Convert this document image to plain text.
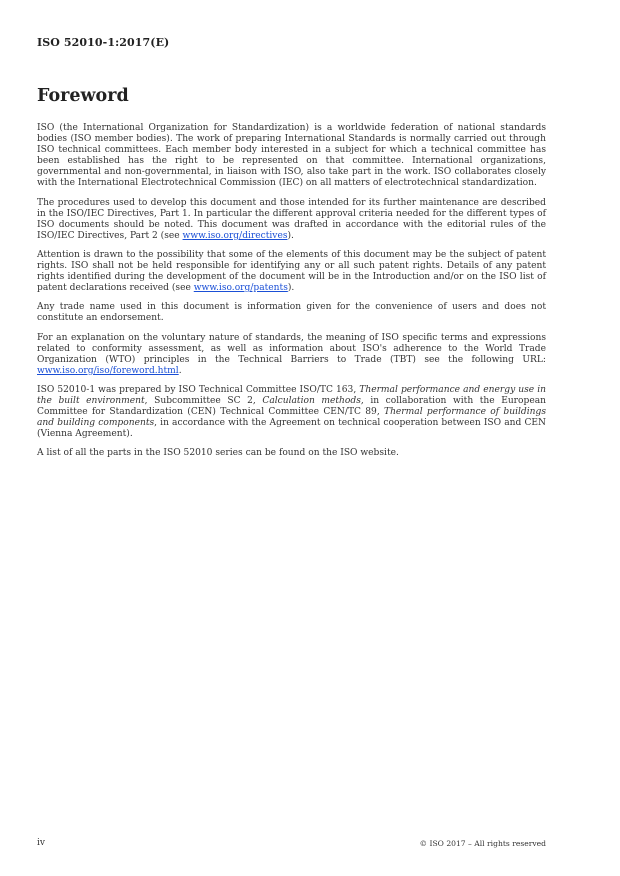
ISO 52010-1:2017(E)
Foreword

ISO (the International Organization for Standardization) is a worldwide federation of national standards bodies (ISO member bodies). The work of preparing International Standards is normally carried out through ISO technical committees. Each member body interested in a subject for which a technical committee has been established has the right to be represented on that committee. International organizations, governmental and non-governmental, in liaison with ISO, also take part in the work. ISO collaborates closely with the International Electrotechnical Commission (IEC) on all matters of electrotechnical standardization.

The procedures used to develop this document and those intended for its further maintenance are described in the ISO/IEC Directives, Part 1. In particular the different approval criteria needed for the different types of ISO documents should be noted. This document was drafted in accordance with the editorial rules of the ISO/IEC Directives, Part 2 (see www.iso.org/directives).

Attention is drawn to the possibility that some of the elements of this document may be the subject of patent rights. ISO shall not be held responsible for identifying any or all such patent rights. Details of any patent rights identified during the development of the document will be in the Introduction and/or on the ISO list of patent declarations received (see www.iso.org/patents).

Any trade name used in this document is information given for the convenience of users and does not constitute an endorsement.

For an explanation on the voluntary nature of standards, the meaning of ISO specific terms and expressions related to conformity assessment, as well as information about ISO's adherence to the World Trade Organization (WTO) principles in the Technical Barriers to Trade (TBT) see the following URL: www.iso.org/iso/foreword.html.

ISO 52010-1 was prepared by ISO Technical Committee ISO/TC 163, Thermal performance and energy use in the built environment, Subcommittee SC 2, Calculation methods, in collaboration with the European Committee for Standardization (CEN) Technical Committee CEN/TC 89, Thermal performance of buildings and building components, in accordance with the Agreement on technical cooperation between ISO and CEN (Vienna Agreement).

A list of all the parts in the ISO 52010 series can be found on the ISO website.

iv	© ISO 2017 – All rights reserved
